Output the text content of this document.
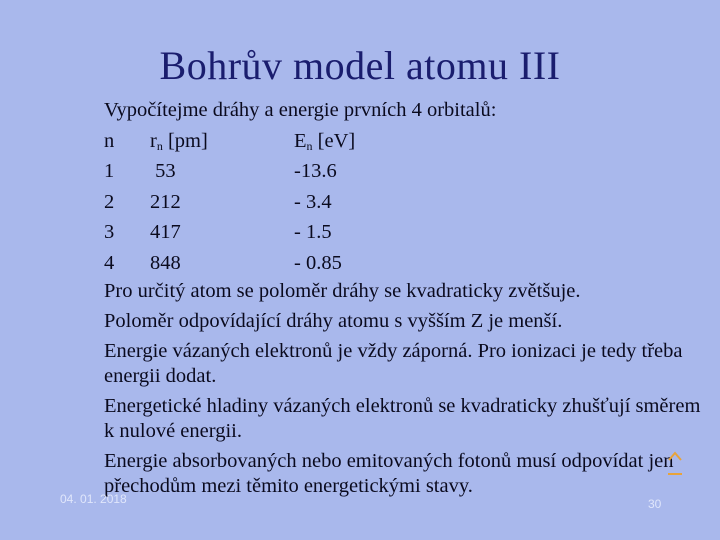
Bohrův model atomu III
Vypočítejme dráhy a energie prvních 4 orbitalů:
n	$r_n$ [pm]	$E_n$ [eV]
1	53	-13.6
2	212	- 3.4
3	417	- 1.5
4	848	- 0.85
Pro určitý atom se poloměr dráhy se kvadraticky zvětšuje.
Poloměr odpovídající dráhy atomu s vyšším Z je menší.
Energie vázaných elektronů je vždy záporná. Pro ionizaci je tedy třeba energii dodat.
Energetické hladiny vázaných elektronů se kvadraticky zhušťují směrem k nulové energii.
Energie absorbovaných nebo emitovaných fotonů musí odpovídat jen přechodům mezi těmito energetickými stavy.
04. 01. 2018	30
